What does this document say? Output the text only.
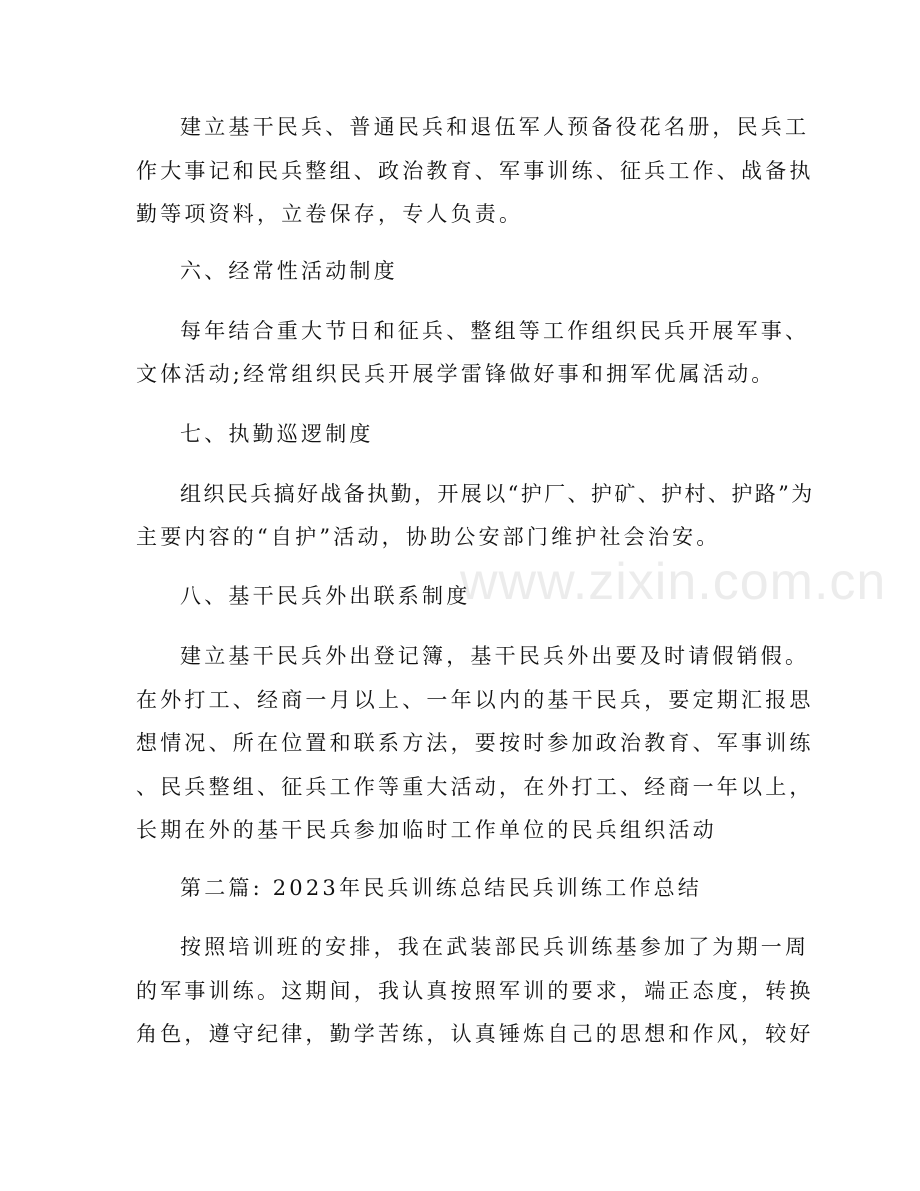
www.zixin.com.cn
建立基干民兵、普通民兵和退伍军人预备役花名册，民兵工
作大事记和民兵整组、政治教育、军事训练、征兵工作、战备执
勤等项资料，立卷保存，专人负责。
六、经常性活动制度
每年结合重大节日和征兵、整组等工作组织民兵开展军事、
文体活动;经常组织民兵开展学雷锋做好事和拥军优属活动。
七、执勤巡逻制度
组织民兵搞好战备执勤，开展以“护厂、护矿、护村、护路”为
主要内容的“自护”活动，协助公安部门维护社会治安。
八、基干民兵外出联系制度
建立基干民兵外出登记簿，基干民兵外出要及时请假销假。
在外打工、经商一月以上、一年以内的基干民兵，要定期汇报思
想情况、所在位置和联系方法，要按时参加政治教育、军事训练
、民兵整组、征兵工作等重大活动，在外打工、经商一年以上，
长期在外的基干民兵参加临时工作单位的民兵组织活动
第二篇: 2023年民兵训练总结民兵训练工作总结
按照培训班的安排，我在武装部民兵训练基参加了为期一周
的军事训练。这期间，我认真按照军训的要求，端正态度，转换
角色，遵守纪律，勤学苦练，认真锤炼自己的思想和作风，较好
